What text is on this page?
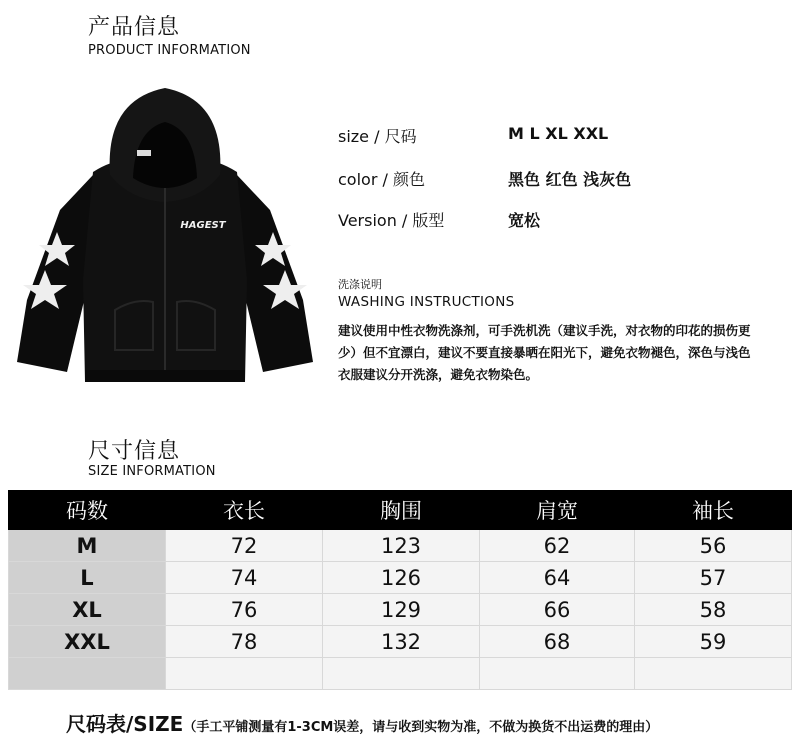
产品信息
PRODUCT INFORMATION
HAGEST
size / 尺码	M L XL XXL
color / 颜色	黑色 红色 浅灰色
Version / 版型	宽松
洗涤说明
WASHING INSTRUCTIONS
建议使用中性衣物洗涤剂，可手洗机洗（建议手洗，对衣物的印花的损伤更少）但不宜漂白，建议不要直接暴晒在阳光下，避免衣物褪色，深色与浅色衣服建议分开洗涤，避免衣物染色。
尺寸信息
SIZE INFORMATION
码数	衣长	胸围	肩宽	袖长
M	72	123	62	56
L	74	126	64	57
XL	76	129	66	58
XXL	78	132	68	59

尺码表/SIZE（手工平铺测量有1-3CM误差，请与收到实物为准，不做为换货不出运费的理由）
